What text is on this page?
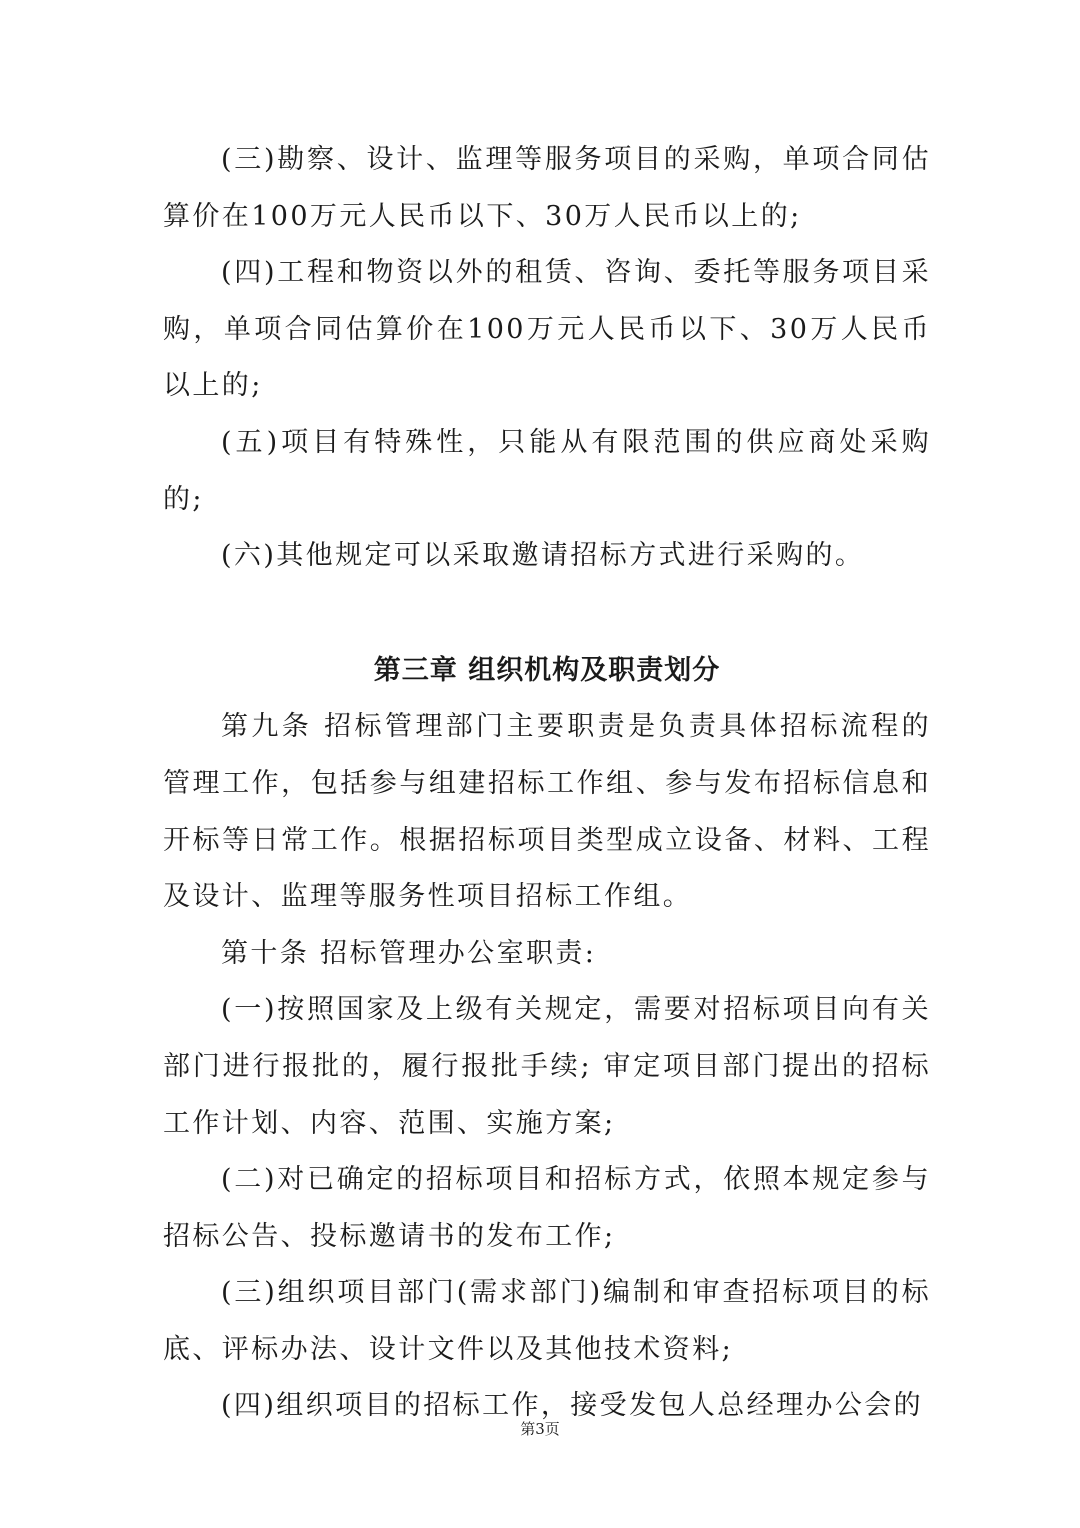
(三)勘察、设计、监理等服务项目的采购，单项合同估算价在100万元人民币以下、30万人民币以上的;

(四)工程和物资以外的租赁、咨询、委托等服务项目采购，单项合同估算价在100万元人民币以下、30万人民币以上的;

(五)项目有特殊性，只能从有限范围的供应商处采购的;

(六)其他规定可以采取邀请招标方式进行采购的。

第三章 组织机构及职责划分

第九条 招标管理部门主要职责是负责具体招标流程的管理工作，包括参与组建招标工作组、参与发布招标信息和开标等日常工作。根据招标项目类型成立设备、材料、工程及设计、监理等服务性项目招标工作组。

第十条 招标管理办公室职责:

(一)按照国家及上级有关规定，需要对招标项目向有关部门进行报批的，履行报批手续; 审定项目部门提出的招标工作计划、内容、范围、实施方案;

(二)对已确定的招标项目和招标方式，依照本规定参与招标公告、投标邀请书的发布工作;

(三)组织项目部门(需求部门)编制和审查招标项目的标底、评标办法、设计文件以及其他技术资料;

(四)组织项目的招标工作，接受发包人总经理办公会的

第3页
